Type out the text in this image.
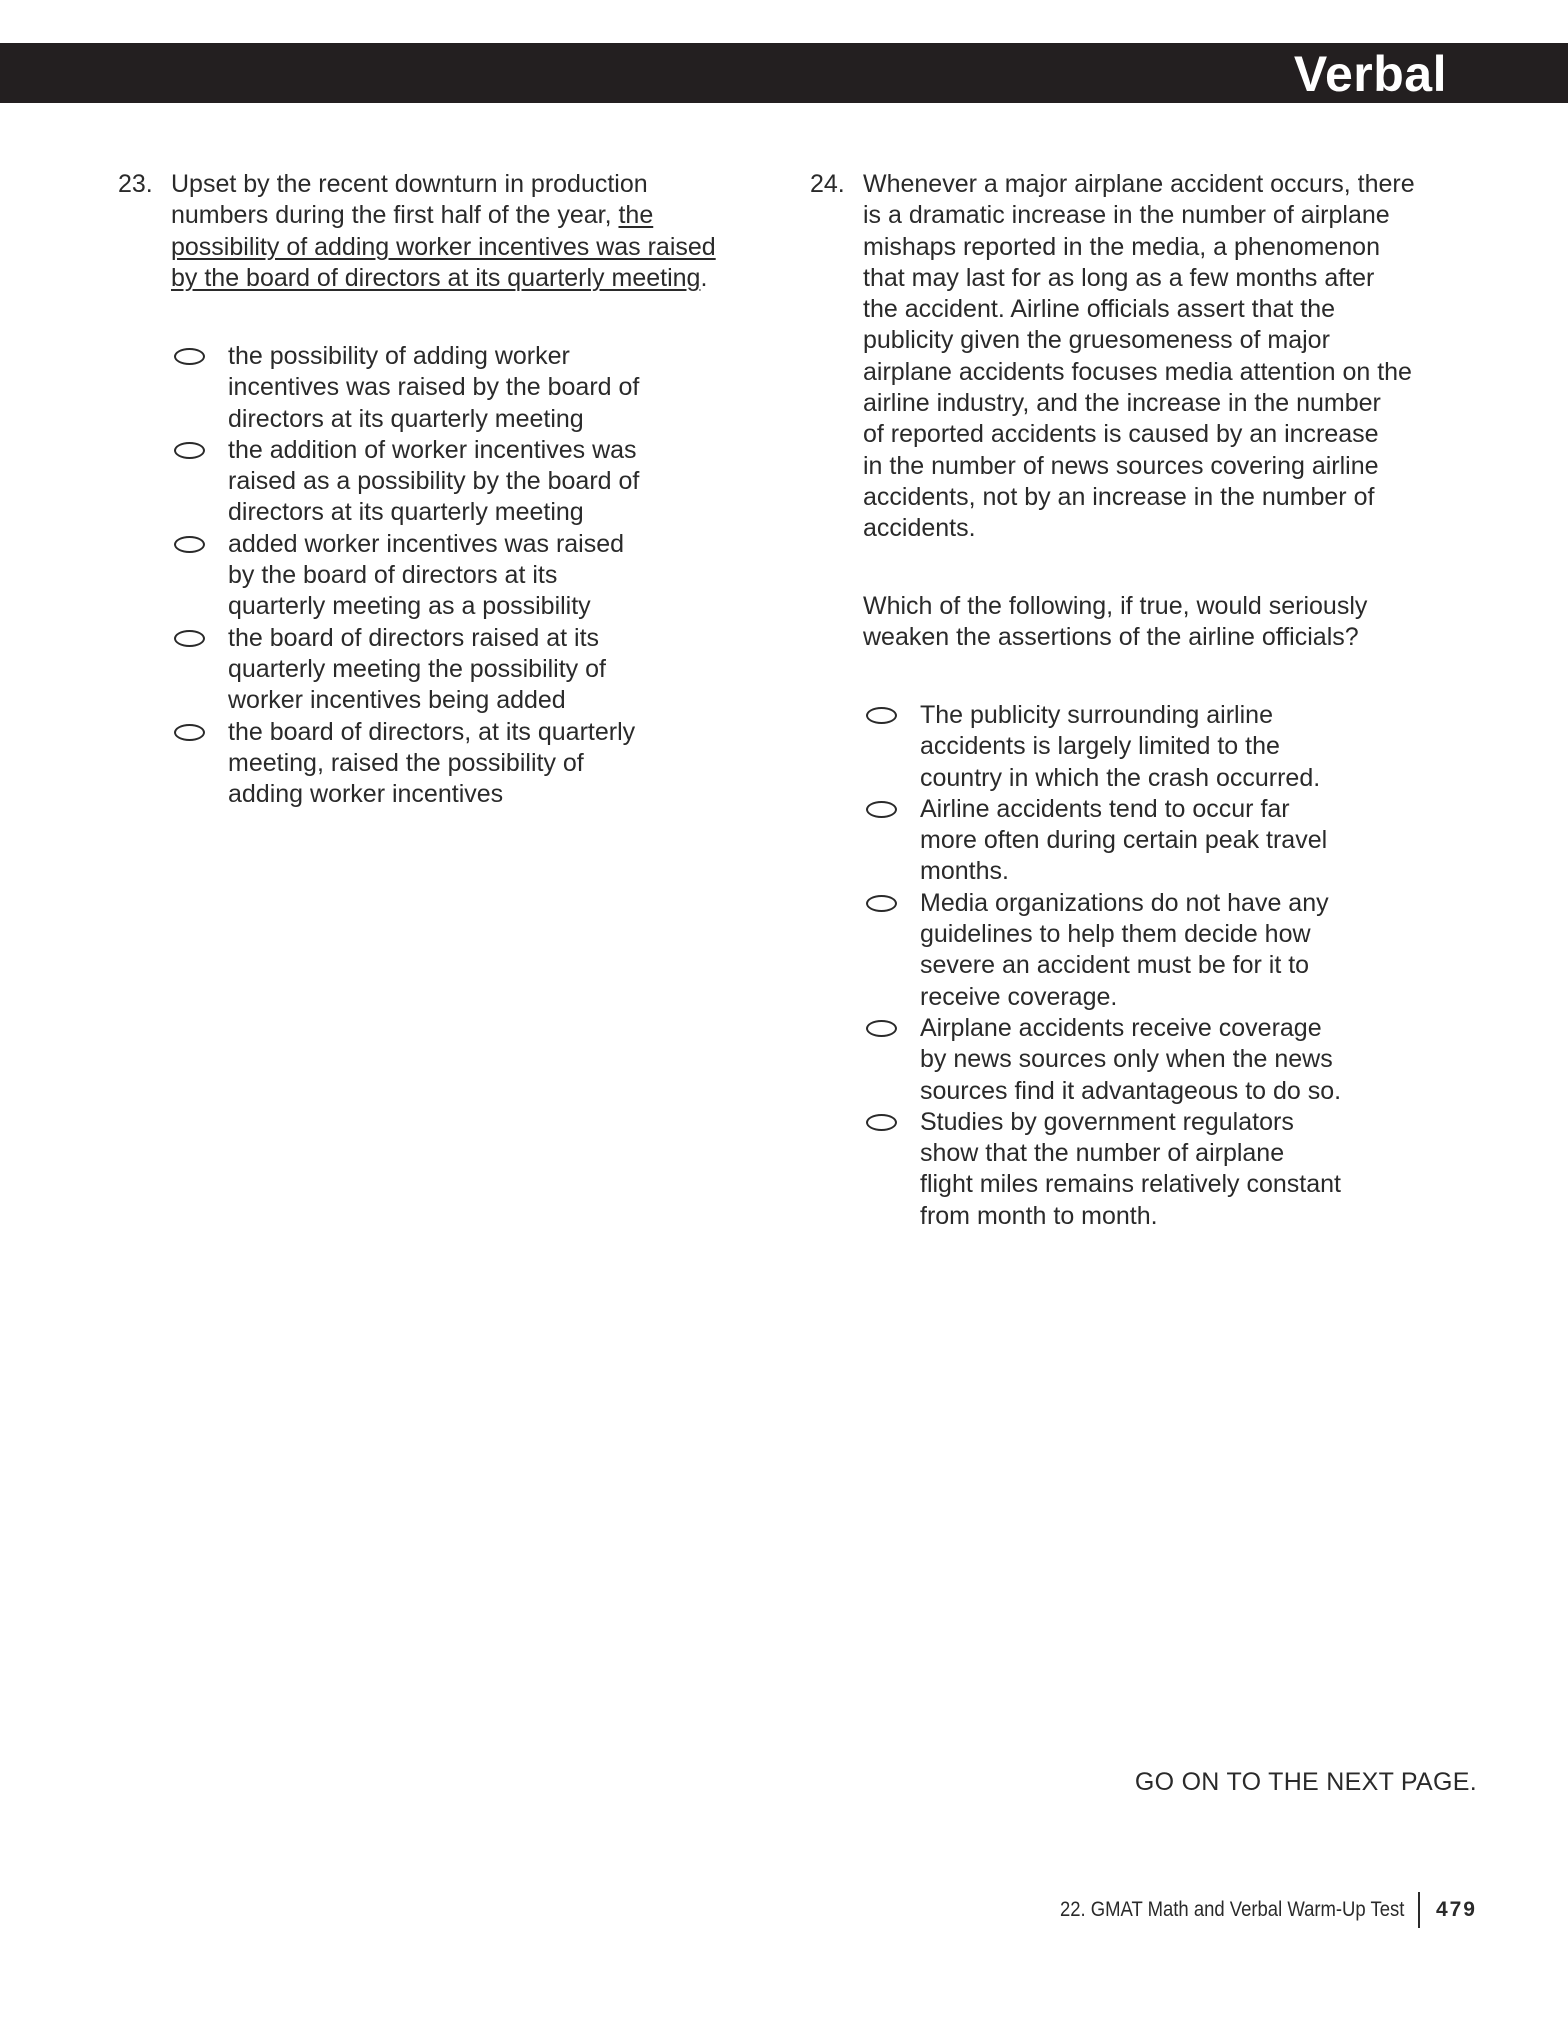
Verbal
23. Upset by the recent downturn in production
numbers during the first half of the year, the
possibility of adding worker incentives was raised
by the board of directors at its quarterly meeting.
the possibility of adding worker
incentives was raised by the board of
directors at its quarterly meeting
the addition of worker incentives was
raised as a possibility by the board of
directors at its quarterly meeting
added worker incentives was raised
by the board of directors at its
quarterly meeting as a possibility
the board of directors raised at its
quarterly meeting the possibility of
worker incentives being added
the board of directors, at its quarterly
meeting, raised the possibility of
adding worker incentives
24. Whenever a major airplane accident occurs, there
is a dramatic increase in the number of airplane
mishaps reported in the media, a phenomenon
that may last for as long as a few months after
the accident. Airline officials assert that the
publicity given the gruesomeness of major
airplane accidents focuses media attention on the
airline industry, and the increase in the number
of reported accidents is caused by an increase
in the number of news sources covering airline
accidents, not by an increase in the number of
accidents.
Which of the following, if true, would seriously
weaken the assertions of the airline officials?
The publicity surrounding airline
accidents is largely limited to the
country in which the crash occurred.
Airline accidents tend to occur far
more often during certain peak travel
months.
Media organizations do not have any
guidelines to help them decide how
severe an accident must be for it to
receive coverage.
Airplane accidents receive coverage
by news sources only when the news
sources find it advantageous to do so.
Studies by government regulators
show that the number of airplane
flight miles remains relatively constant
from month to month.
GO ON TO THE NEXT PAGE.
22. GMAT Math and Verbal Warm-Up Test 479
